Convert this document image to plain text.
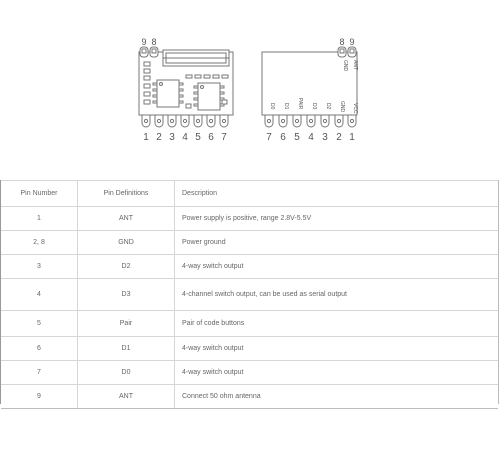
9 8
1 2 3 4 5 6 7
8 9
GND ANT
D0 D1 PAIR D3 D2 GND VCC
7 6 5 4 3 2 1
Pin Number	Pin Definitions	Description
1	ANT	Power supply is positive, range 2.8V-5.5V
2, 8	GND	Power ground
3	D2	4-way switch output
4	D3	4-channel switch output, can be used as serial output
5	Pair	Pair of code buttons
6	D1	4-way switch output
7	D0	4-way switch output
9	ANT	Connect 50 ohm antenna
